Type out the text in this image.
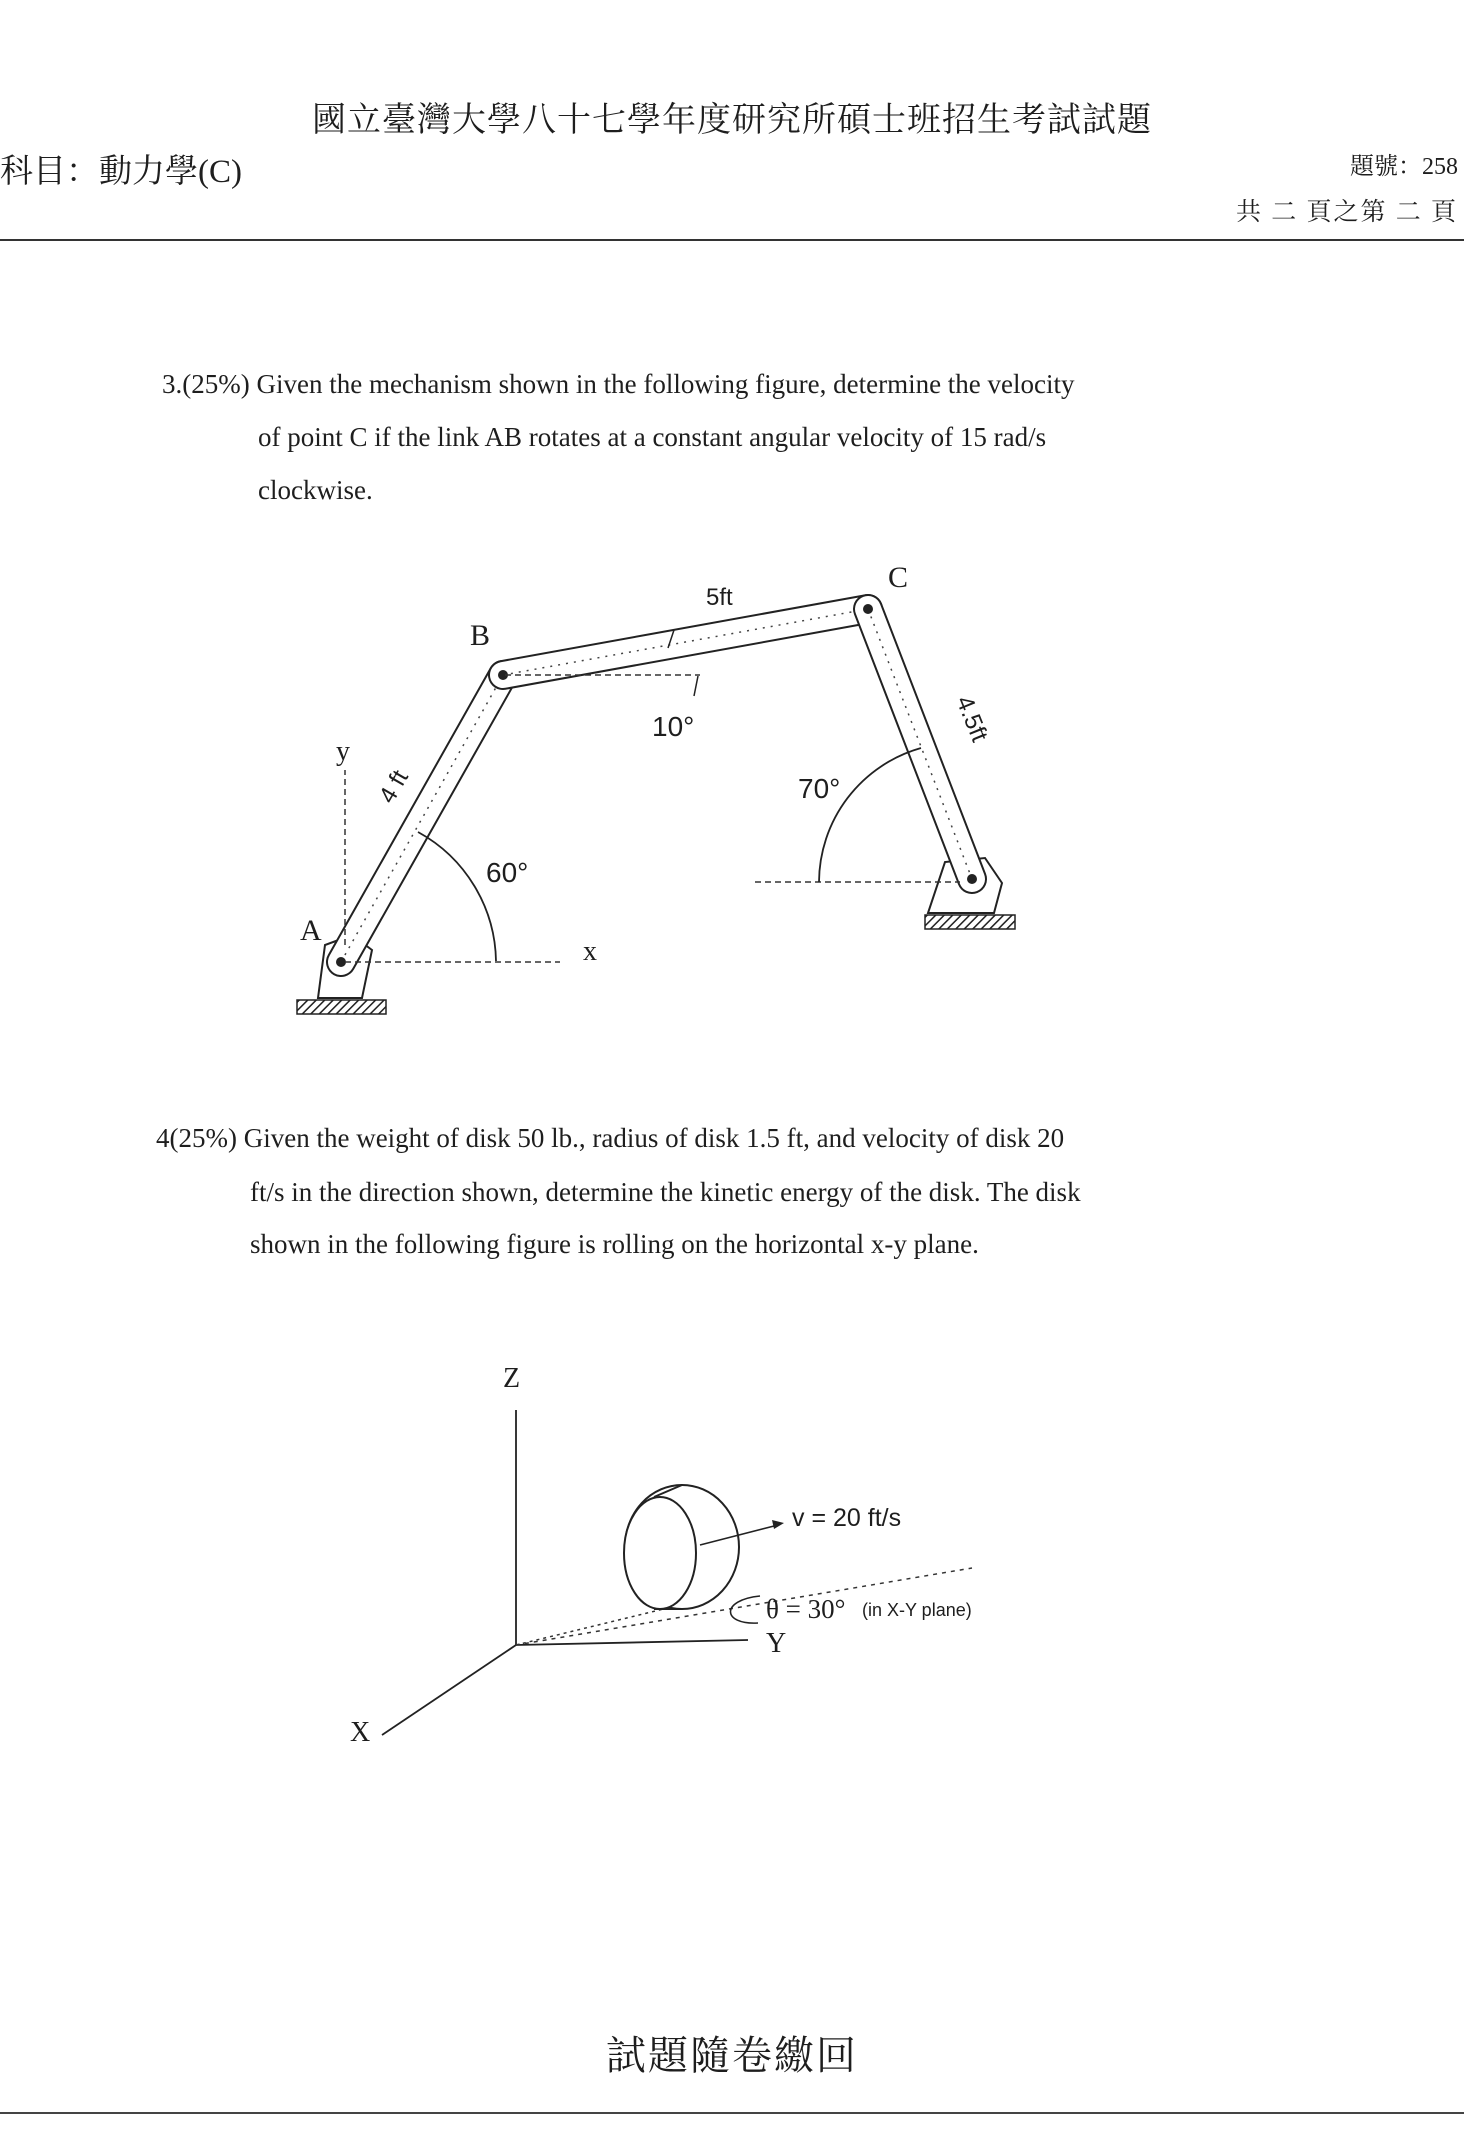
國立臺灣大學八十七學年度研究所碩士班招生考試試題
科目：動力學(C)	題號：258
共 二 頁之第 二 頁
3.(25%) Given the mechanism shown in the following figure, determine the velocity
of point C if the link AB rotates at a constant angular velocity of 15 rad/s
clockwise.
A
B
C
x
y
4 ft
5ft
4.5ft
60°
10°
70°
Z
X
Y
v = 20 ft/s
θ = 30° (in X-Y plane)
4(25%) Given the weight of disk 50 lb., radius of disk 1.5 ft, and velocity of disk 20
ft/s in the direction shown, determine the kinetic energy of the disk. The disk
shown in the following figure is rolling on the horizontal x-y plane.
試題隨卷繳回
